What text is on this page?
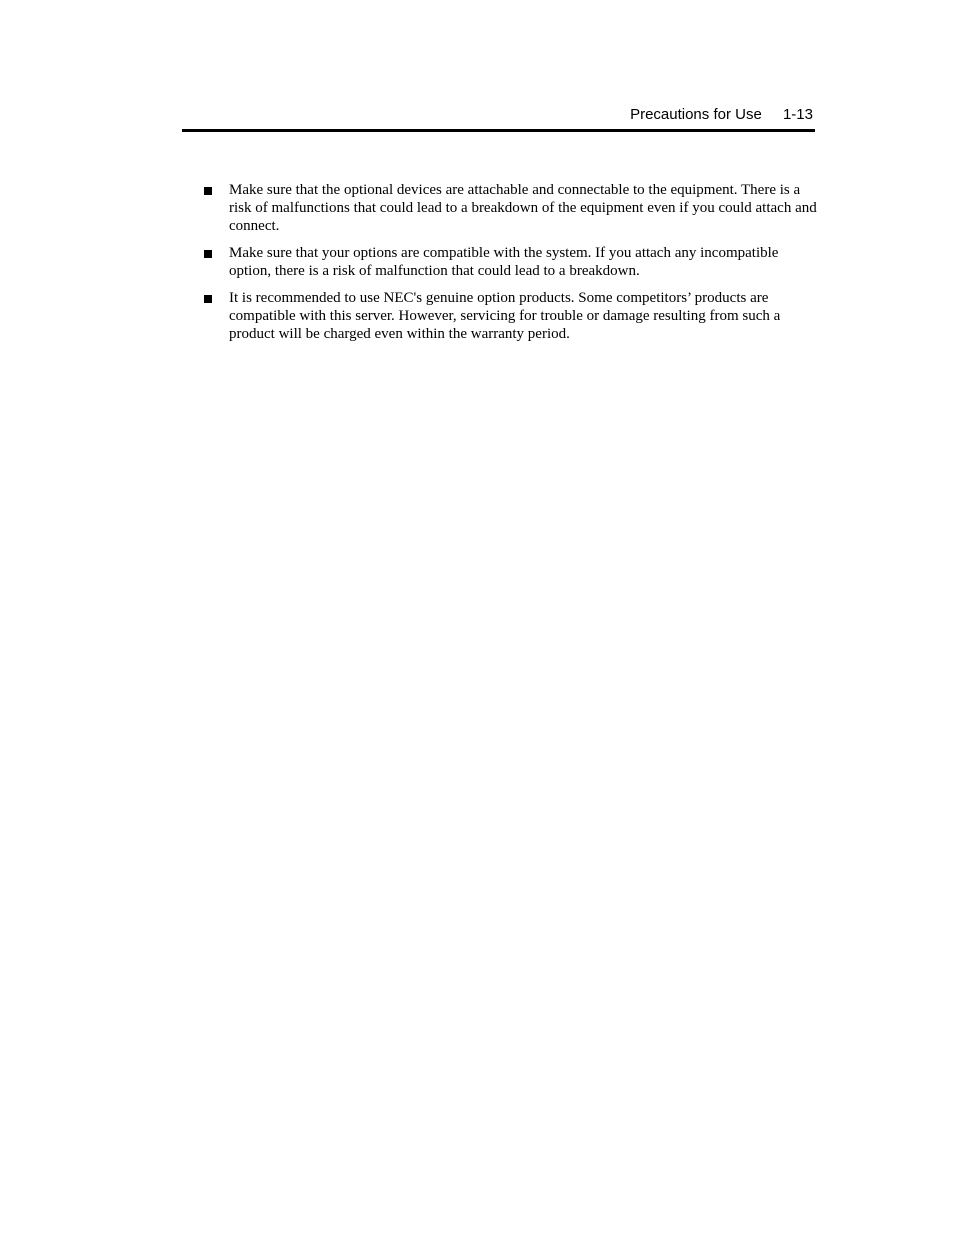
Precautions for Use 1-13
Make sure that the optional devices are attachable and connectable to the equipment. There is a risk of malfunctions that could lead to a breakdown of the equipment even if you could attach and connect.
Make sure that your options are compatible with the system. If you attach any incompatible option, there is a risk of malfunction that could lead to a breakdown.
It is recommended to use NEC's genuine option products. Some competitors’ products are compatible with this server. However, servicing for trouble or damage resulting from such a product will be charged even within the warranty period.
